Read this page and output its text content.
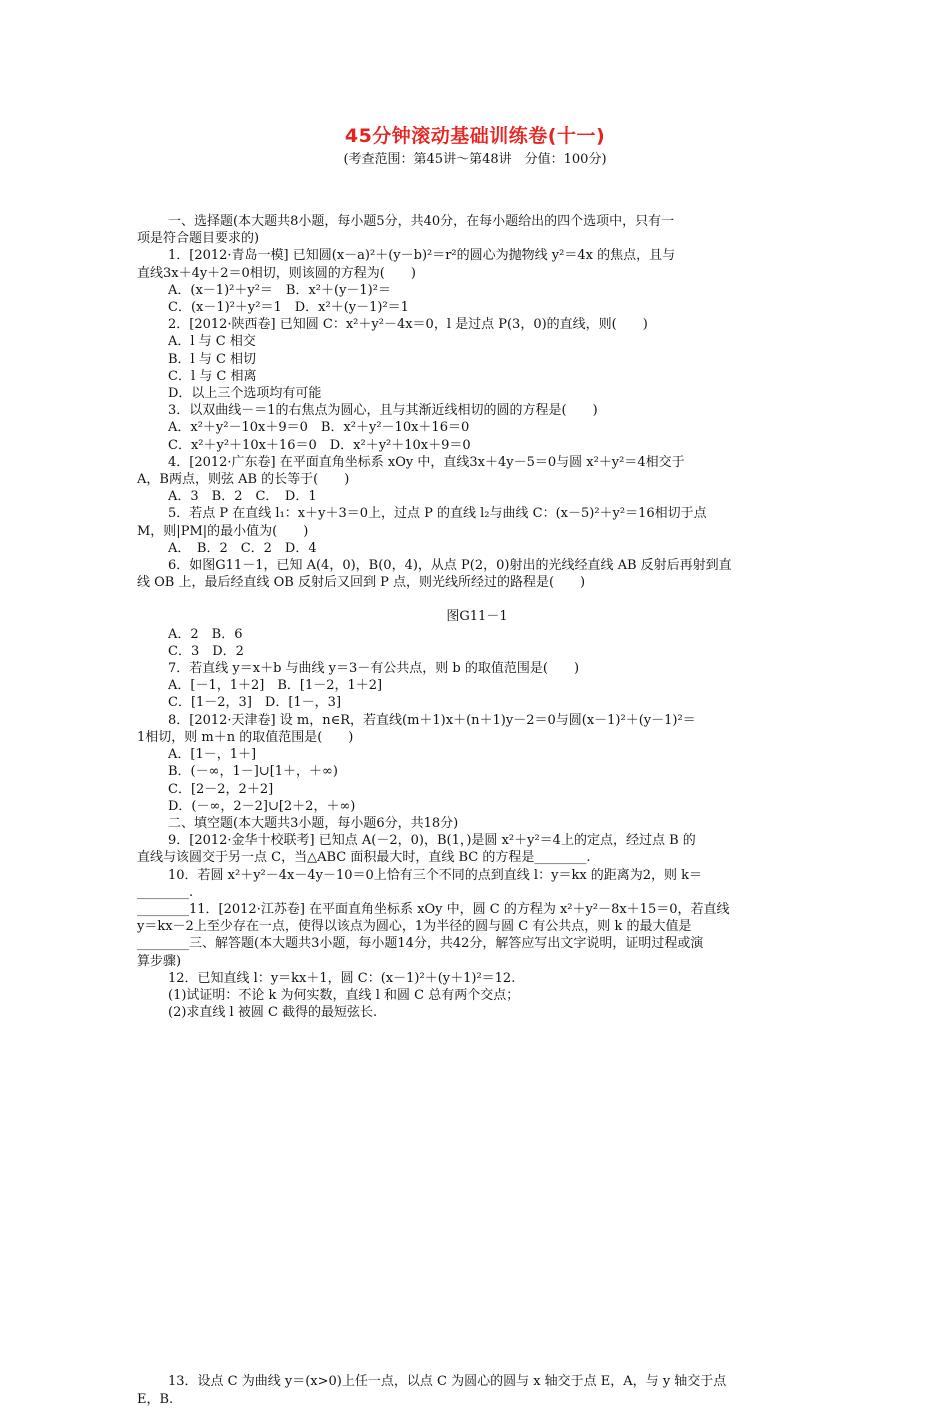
45分钟滚动基础训练卷(十一)
(考查范围：第45讲～第48讲　分值：100分)
一、选择题(本大题共8小题，每小题5分，共40分，在每小题给出的四个选项中，只有一
项是符合题目要求的)
1．[2012·青岛一模] 已知圆(x－a)²＋(y－b)²＝r²的圆心为抛物线 y²＝4x 的焦点，且与
直线3x＋4y＋2＝0相切，则该圆的方程为(　　)
A．(x－1)²＋y²＝　B．x²＋(y－1)²＝
C．(x－1)²＋y²＝1　D．x²＋(y－1)²＝1
2．[2012·陕西卷] 已知圆 C：x²＋y²－4x＝0，l 是过点 P(3，0)的直线，则(　　)
A．l 与 C 相交
B．l 与 C 相切
C．l 与 C 相离
D．以上三个选项均有可能
3．以双曲线－＝1的右焦点为圆心，且与其渐近线相切的圆的方程是(　　)
A．x²＋y²－10x＋9＝0　B．x²＋y²－10x＋16＝0
C．x²＋y²＋10x＋16＝0　D．x²＋y²＋10x＋9＝0
4．[2012·广东卷] 在平面直角坐标系 xOy 中，直线3x＋4y－5＝0与圆 x²＋y²＝4相交于
A，B两点，则弦 AB 的长等于(　　)
A．3　B．2　C．　D．1
5．若点 P 在直线 l₁：x＋y＋3＝0上，过点 P 的直线 l₂与曲线 C：(x－5)²＋y²＝16相切于点
M，则|PM|的最小值为(　　)
A．　B．2　C．2　D．4
6．如图G11－1，已知 A(4，0)，B(0，4)，从点 P(2，0)射出的光线经直线 AB 反射后再射到直
线 OB 上，最后经直线 OB 反射后又回到 P 点，则光线所经过的路程是(　　)
图G11－1
A．2　B．6
C．3　D．2
7．若直线 y＝x＋b 与曲线 y＝3－有公共点，则 b 的取值范围是(　　)
A．[－1，1＋2]　B．[1－2，1＋2]
C．[1－2，3]　D．[1－，3]
8．[2012·天津卷] 设 m，n∈R，若直线(m＋1)x＋(n＋1)y－2＝0与圆(x－1)²＋(y－1)²＝
1相切，则 m＋n 的取值范围是(　　)
A．[1－，1＋]
B．(－∞，1－]∪[1＋，＋∞)
C．[2－2，2＋2]
D．(－∞，2－2]∪[2＋2，＋∞)
二、填空题(本大题共3小题，每小题6分，共18分)
9．[2012·金华十校联考] 已知点 A(－2，0)，B(1，)是圆 x²＋y²＝4上的定点，经过点 B 的
直线与该圆交于另一点 C，当△ABC 面积最大时，直线 BC 的方程是________.
10．若圆 x²＋y²－4x－4y－10＝0上恰有三个不同的点到直线 l：y＝kx 的距离为2，则 k＝
________.
________11．[2012·江苏卷] 在平面直角坐标系 xOy 中，圆 C 的方程为 x²＋y²－8x＋15＝0，若直线
y＝kx－2上至少存在一点，使得以该点为圆心，1为半径的圆与圆 C 有公共点，则 k 的最大值是
________三、解答题(本大题共3小题，每小题14分，共42分，解答应写出文字说明，证明过程或演
算步骤)
12．已知直线 l：y＝kx＋1，圆 C：(x－1)²＋(y＋1)²＝12.
(1)试证明：不论 k 为何实数，直线 l 和圆 C 总有两个交点；
(2)求直线 l 被圆 C 截得的最短弦长.
13．设点 C 为曲线 y＝(x>0)上任一点，以点 C 为圆心的圆与 x 轴交于点 E，A，与 y 轴交于点
E，B.
